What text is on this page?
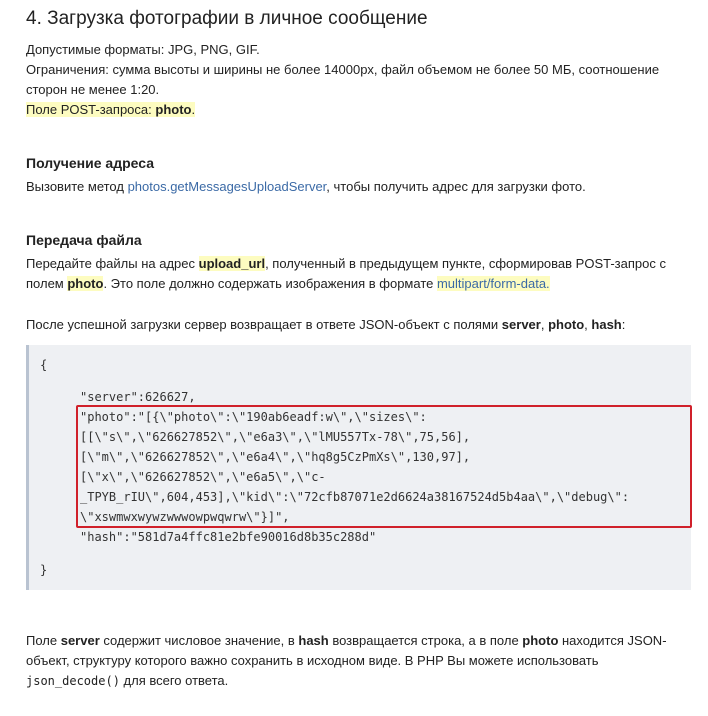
4. Загрузка фотографии в личное сообщение
Допустимые форматы: JPG, PNG, GIF.
Ограничения: сумма высоты и ширины не более 14000px, файл объемом не более 50 МБ, соотношение
сторон не менее 1:20.
Поле POST-запроса: photo.
Получение адреса
Вызовите метод photos.getMessagesUploadServer, чтобы получить адрес для загрузки фото.
Передача файла
Передайте файлы на адрес upload_url, полученный в предыдущем пункте, сформировав POST-запрос с
полем photo. Это поле должно содержать изображения в формате multipart/form-data.
После успешной загрузки сервер возвращает в ответе JSON-объект с полями server, photo, hash:
{
"server":626627,
"photo":"[{\"photo\":\"190ab6eadf:w\",\"sizes\":
[[\"s\",\"626627852\",\"e6a3\",\"lMU557Tx-78\",75,56],
[\"m\",\"626627852\",\"e6a4\",\"hq8g5CzPmXs\",130,97],
[\"x\",\"626627852\",\"e6a5\",\"c-
_TPYB_rIU\",604,453],\"kid\":\"72cfb87071e2d6624a38167524d5b4aa\",\"debug\":
\"xswmwxwywzwwwowpwqwrw\"}]",
"hash":"581d7a4ffc81e2bfe90016d8b35c288d"
}
Поле server содержит числовое значение, в hash возвращается строка, а в поле photo находится JSON-
объект, структуру которого важно сохранить в исходном виде. В PHP Вы можете использовать
json_decode() для всего ответа.
